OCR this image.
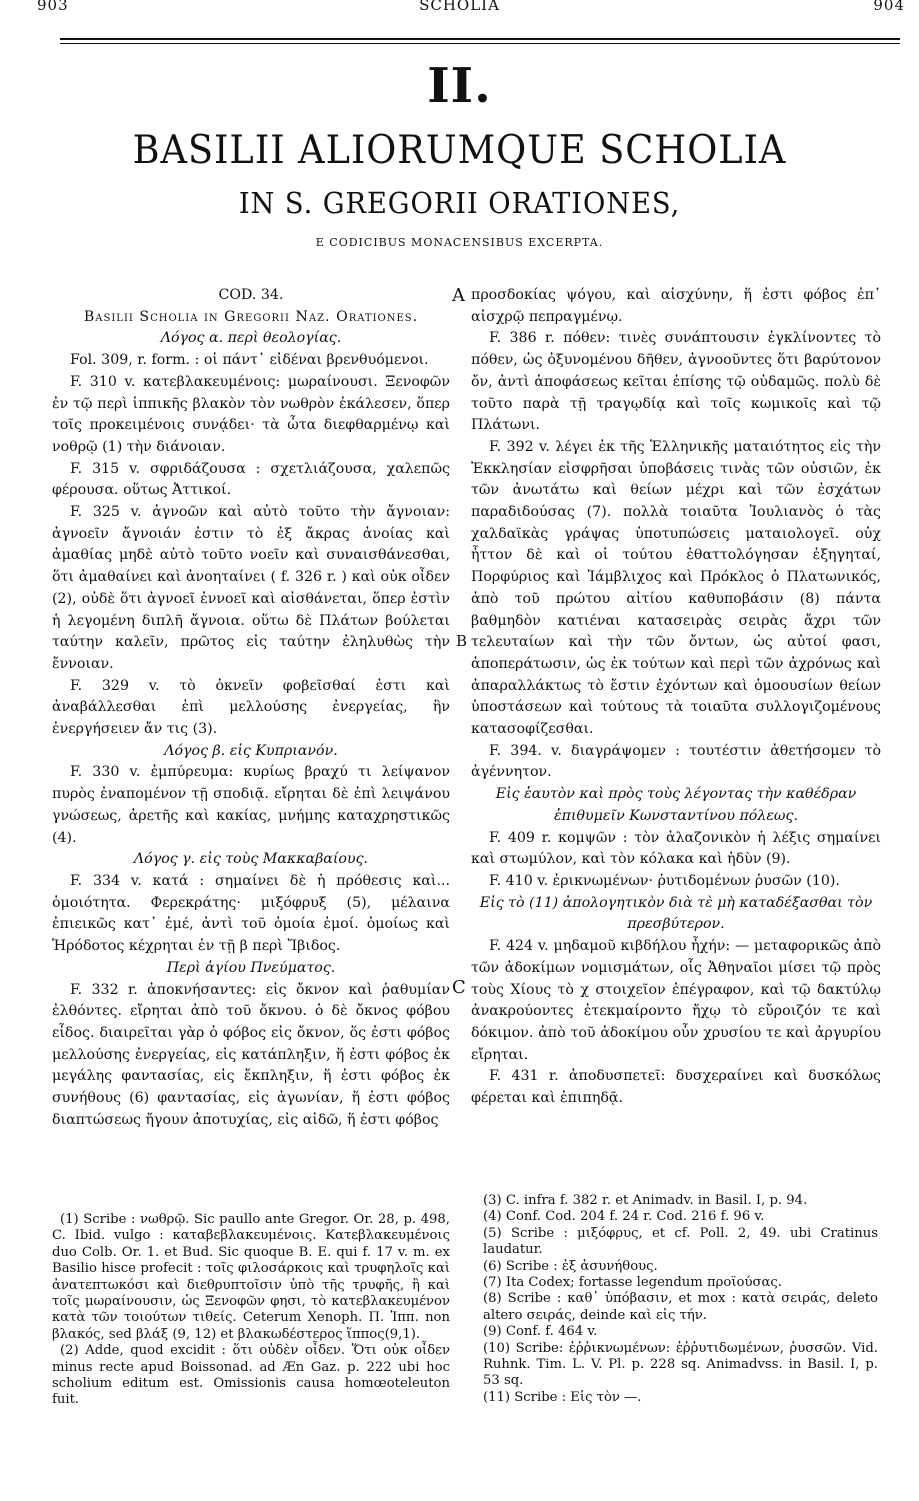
903	SCHOLIA	904
II.
BASILII ALIORUMQUE SCHOLIA
IN S. GREGORII ORATIONES,
E CODICIBUS MONACENSIBUS EXCERPTA.
A
B
C

COD. 34.

Basilii Scholia in Gregorii Naz. Orationes.

Λόγος α. περὶ θεολογίας.

Fol. 309, r. form. : οἱ πάντ᾽ εἰδέναι βρενθυόμενοι.

F. 310 v. κατεβλακευμένοις: μωραίνουσι. Ξενοφῶν ἐν τῷ περὶ ἱππικῆς βλακὸν τὸν νωθρὸν ἐκάλεσεν, ὅπερ τοῖς προκειμένοις συνᾴδει· τὰ ὦτα διεφθαρμένῳ καὶ νοθρῷ (1) τὴν διάνοιαν.

F. 315 v. σφριδάζουσα : σχετλιάζουσα, χαλεπῶς φέρουσα. οὕτως Ἀττικοί.

F. 325 v. ἀγνοῶν καὶ αὐτὸ τοῦτο τὴν ἄγνοιαν: ἀγνοεῖν ἄγνοιάν ἐστιν τὸ ἐξ ἄκρας ἀνοίας καὶ ἀμαθίας μηδὲ αὐτὸ τοῦτο νοεῖν καὶ συναισθάνεσθαι, ὅτι ἀμαθαίνει καὶ ἀνοηταίνει ( f. 326 r. ) καὶ οὐκ οἶδεν (2), οὐδὲ ὅτι ἀγνοεῖ ἐννοεῖ καὶ αἰσθάνεται, ὅπερ ἐστὶν ἡ λεγομένη διπλῆ ἄγνοια. οὕτω δὲ Πλάτων βούλεται ταύτην καλεῖν, πρῶτος εἰς ταύτην ἐληλυθὼς τὴν ἔννοιαν.

F. 329 v. τὸ ὀκνεῖν φοβεῖσθαί ἐστι καὶ ἀναβάλλεσθαι ἐπὶ μελλούσης ἐνεργείας, ἣν ἐνεργήσειεν ἄν τις (3).

Λόγος β. εἰς Κυπριανόν.

F. 330 v. ἐμπύρευμα: κυρίως βραχύ τι λείψανον πυρὸς ἐναπομένον τῇ σποδιᾷ. εἴρηται δὲ ἐπὶ λειψάνου γνώσεως, ἀρετῆς καὶ κακίας, μνήμης καταχρηστικῶς (4).

Λόγος γ. εἰς τοὺς Μακκαβαίους.

F. 334 v. κατά : σημαίνει δὲ ἡ πρόθεσις καὶ... ὁμοιότητα. Φερεκράτης· μιξόφρυξ (5), μέλαινα ἐπιεικῶς κατ᾽ ἐμέ, ἀντὶ τοῦ ὁμοία ἐμοί. ὁμοίως καὶ Ἡρόδοτος κέχρηται ἐν τῇ β περὶ Ἴβιδος.

Περὶ ἁγίου Πνεύματος.

F. 332 r. ἀποκνήσαντες: εἰς ὄκνον καὶ ῥαθυμίαν ἐλθόντες. εἴρηται ἀπὸ τοῦ ὄκνου. ὁ δὲ ὄκνος φόβου εἶδος. διαιρεῖται γὰρ ὁ φόβος εἰς ὄκνον, ὅς ἐστι φόβος μελλούσης ἐνεργείας, εἰς κατάπληξιν, ἥ ἐστι φόβος ἐκ μεγάλης φαντασίας, εἰς ἔκπληξιν, ἥ ἐστι φόβος ἐκ συνήθους (6) φαντασίας, εἰς ἀγωνίαν, ἥ ἐστι φόβος διαπτώσεως ἤγουν ἀποτυχίας, εἰς αἰδῶ, ἥ ἐστι φόβος

προσδοκίας ψόγου, καὶ αἰσχύνην, ἥ ἐστι φόβος ἐπ᾽ αἰσχρῷ πεπραγμένῳ.

F. 386 r. πόθεν: τινὲς συνάπτουσιν ἐγκλίνοντες τὸ πόθεν, ὡς ὀξυνομένου δῆθεν, ἀγνοοῦντες ὅτι βαρύτονον ὄν, ἀντὶ ἀποφάσεως κεῖται ἐπίσης τῷ οὐδαμῶς. πολὺ δὲ τοῦτο παρὰ τῇ τραγῳδίᾳ καὶ τοῖς κωμικοῖς καὶ τῷ Πλάτωνι.

F. 392 v. λέγει ἐκ τῆς Ἑλληνικῆς ματαιότητος εἰς τὴν Ἐκκλησίαν εἰσφρῆσαι ὑποβάσεις τινὰς τῶν οὐσιῶν, ἐκ τῶν ἀνωτάτω καὶ θείων μέχρι καὶ τῶν ἐσχάτων παραδιδούσας (7). πολλὰ τοιαῦτα Ἰουλιανὸς ὁ τὰς χαλδαϊκὰς γράψας ὑποτυπώσεις ματαιολογεῖ. οὐχ ἧττον δὲ καὶ οἱ τούτου ἐθαττολόγησαν ἐξηγηταί, Πορφύριος καὶ Ἰάμβλιχος καὶ Πρόκλος ὁ Πλατωνικός, ἀπὸ τοῦ πρώτου αἰτίου καθυποβάσιν (8) πάντα βαθμηδὸν κατιέναι κατασειρὰς σειρὰς ἄχρι τῶν τελευταίων καὶ τὴν τῶν ὄντων, ὡς αὐτοί φασι, ἀποπεράτωσιν, ὡς ἐκ τούτων καὶ περὶ τῶν ἀχρόνως καὶ ἀπαραλλάκτως τὸ ἔστιν ἐχόντων καὶ ὁμοουσίων θείων ὑποστάσεων καὶ τούτους τὰ τοιαῦτα συλλογιζομένους κατασοφίζεσθαι.

F. 394. v. διαγράψομεν : τουτέστιν ἀθετήσομεν τὸ ἀγέννητον.

Εἰς ἑαυτὸν καὶ πρὸς τοὺς λέγοντας τὴν καθέδραν ἐπιθυμεῖν Κωνσταντίνου πόλεως.

F. 409 r. κομψῶν : τὸν ἀλαζονικὸν ἡ λέξις σημαίνει καὶ στωμύλον, καὶ τὸν κόλακα καὶ ἡδὺν (9).

F. 410 v. ἐρικνωμένων· ῥυτιδομένων ῥυσῶν (10).

Εἰς τὸ (11) ἀπολογητικὸν διὰ τὲ μὴ καταδέξασθαι τὸν πρεσβύτερον.

F. 424 v. μηδαμοῦ κιβδήλου ἦχήν: — μεταφορικῶς ἀπὸ τῶν ἀδοκίμων νομισμάτων, οἷς Ἀθηναῖοι μίσει τῷ πρὸς τοὺς Χίους τὸ χ στοιχεῖον ἐπέγραφον, καὶ τῷ δακτύλῳ ἀνακρούοντες ἐτεκμαίροντο ἤχῳ τὸ εὔροιζόν τε καὶ δόκιμον. ἀπὸ τοῦ ἀδοκίμου οὖν χρυσίου τε καὶ ἀργυρίου εἴρηται.

F. 431 r. ἀποδυσπετεῖ: δυσχεραίνει καὶ δυσκόλως φέρεται καὶ ἐπιπηδᾷ.

(1) Scribe : νωθρῷ. Sic paullo ante Gregor. Or. 28, p. 498, C. Ibid. vulgo : καταβεβλακευμένοις. Κατεβλακευμένοις duo Colb. Or. 1. et Bud. Sic quoque B. E. qui f. 17 v. m. ex Basilio hisce profecit : τοῖς φιλοσάρκοις καὶ τρυφηλοῖς καὶ ἀνατεπτωκόσι καὶ διεθρυπτοῖσιν ὑπὸ τῆς τρυφῆς, ἢ καὶ τοῖς μωραίνουσιν, ὡς Ξενοφῶν φησι, τὸ κατεβλακευμένον κατὰ τῶν τοιούτων τιθείς. Ceterum Xenoph. Π. Ἱππ. non βλακός, sed βλάξ (9, 12) et βλακωδέστερος ἵππος(9,1).

(2) Adde, quod excidit : ὅτι οὐδὲν οἶδεν. Ὅτι οὐκ οἶδεν minus recte apud Boissonad. ad Æn Gaz. p. 222 ubi hoc scholium editum est. Omissionis causa homœoteleuton fuit.

(3) C. infra f. 382 r. et Animadv. in Basil. I, p. 94.

(4) Conf. Cod. 204 f. 24 r. Cod. 216 f. 96 v.

(5) Scribe : μιξόφρυς, et cf. Poll. 2, 49. ubi Cratinus laudatur.

(6) Scribe : ἐξ ἀσυνήθους.

(7) Ita Codex; fortasse legendum προϊούσας.

(8) Scribe : καθ᾽ ὑπόβασιν, et mox : κατὰ σειράς, deleto altero σειράς, deinde καὶ εἰς τήν.

(9) Conf. f. 464 v.

(10) Scribe: ἐῤῥικνωμένων: ἐῤῥυτιδωμένων, ῥυσσῶν. Vid. Ruhnk. Tim. L. V. Pl. p. 228 sq. Animadvss. in Basil. I, p. 53 sq.

(11) Scribe : Εἰς τὸν —.
